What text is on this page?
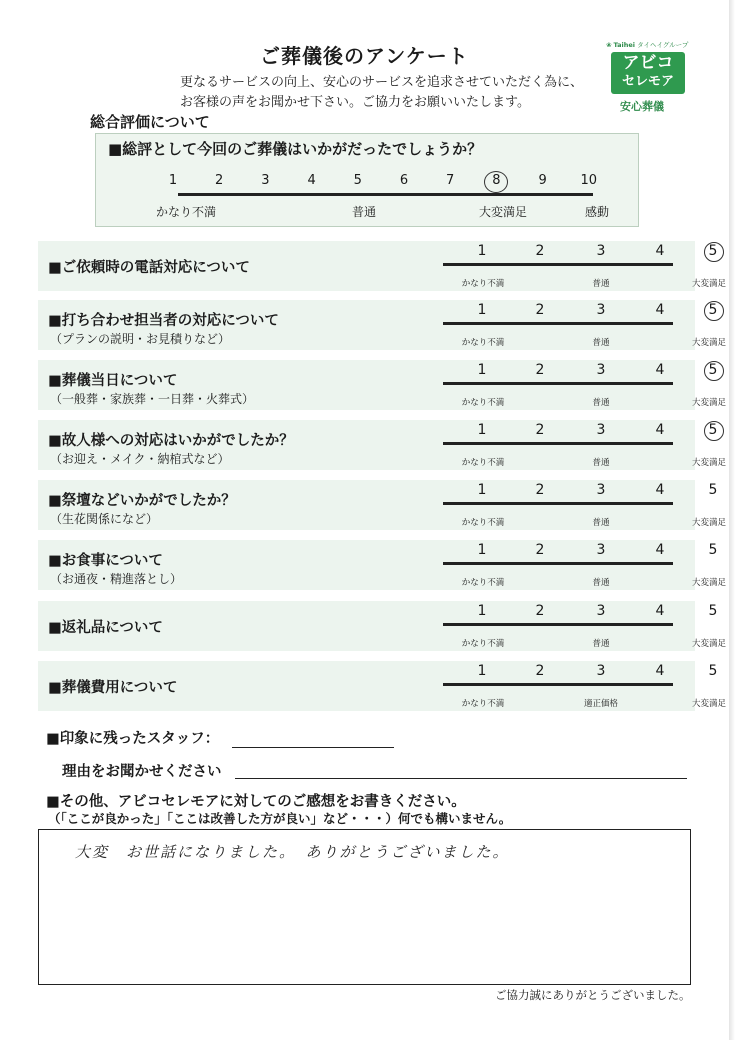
ご葬儀後のアンケート
更なるサービスの向上、安心のサービスを追求させていただく為に、
お客様の声をお聞かせ下さい。ご協力をお願いいたします。
❀ Taihei タイヘイグループ
アビコ
セレモア
安心葬儀
総合評価について
■総評として今回のご葬儀はいかがだったでしょうか？
1	2	3	4	5	6	7	8	9	10
かなり不満	普通	大変満足	感動
■ご依頼時の電話対応について
1	2	3	4	5
かなり不満	普通	大変満足
■打ち合わせ担当者の対応について
（プランの説明・お見積りなど）
1	2	3	4	5
かなり不満	普通	大変満足
■葬儀当日について
（一般葬・家族葬・一日葬・火葬式）
1	2	3	4	5
かなり不満	普通	大変満足
■故人様への対応はいかがでしたか？
（お迎え・メイク・納棺式など）
1	2	3	4	5
かなり不満	普通	大変満足
■祭壇などいかがでしたか？
（生花関係になど）
1	2	3	4	5
かなり不満	普通	大変満足
■お食事について
（お通夜・精進落とし）
1	2	3	4	5
かなり不満	普通	大変満足
■返礼品について
1	2	3	4	5
かなり不満	普通	大変満足
■葬儀費用について
1	2	3	4	5
かなり不満	適正価格	大変満足
■印象に残ったスタッフ：
理由をお聞かせください
■その他、アビコセレモアに対してのご感想をお書きください。
（「ここが良かった」「ここは改善した方が良い」など・・・）何でも構いません。
大変　お世話になりました。　ありがとうございました。
ご協力誠にありがとうございました。
